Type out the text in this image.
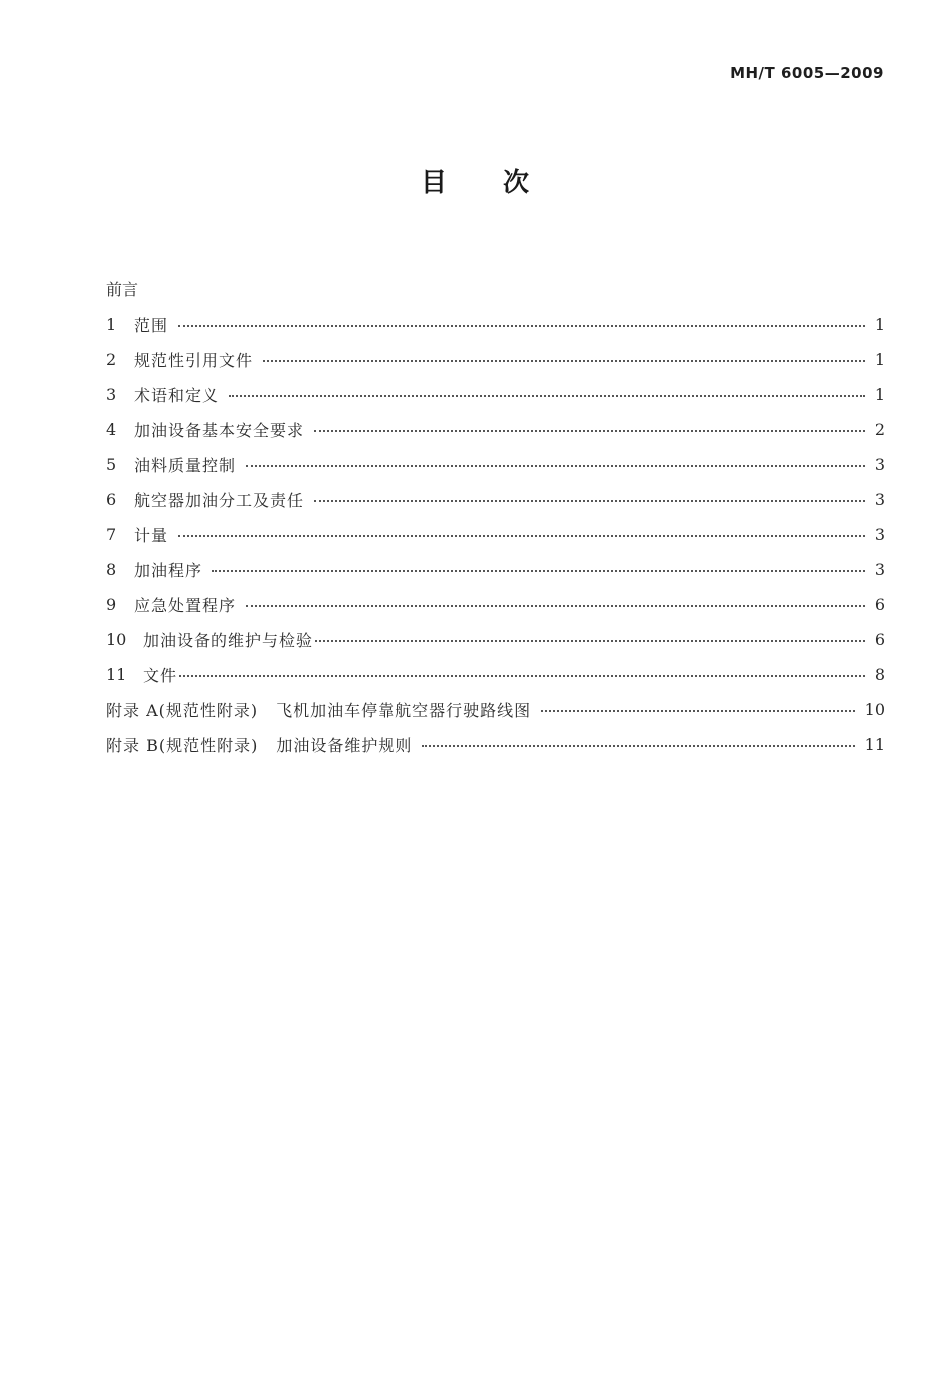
MH/T 6005—2009
目次
前言
1	范围	1
2	规范性引用文件	1
3	术语和定义	1
4	加油设备基本安全要求	2
5	油料质量控制	3
6	航空器加油分工及责任	3
7	计量	3
8	加油程序	3
9	应急处置程序	6
10	加油设备的维护与检验	6
11	文件	8
附录 A(规范性附录) 飞机加油车停靠航空器行驶路线图	10
附录 B(规范性附录) 加油设备维护规则	11
